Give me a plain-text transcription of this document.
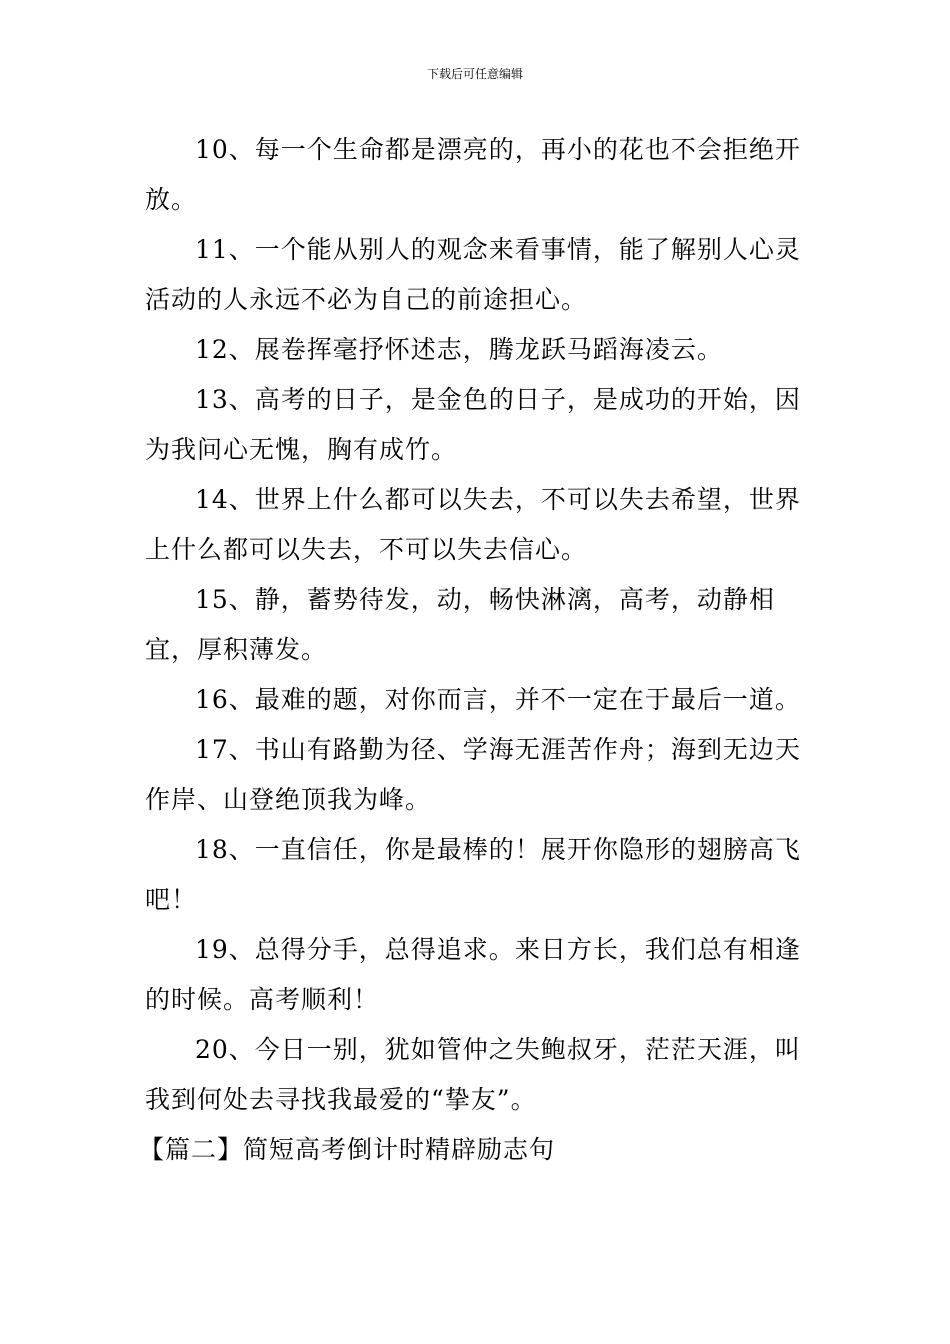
下载后可任意编辑

10、每一个生命都是漂亮的，再小的花也不会拒绝开放。

11、一个能从别人的观念来看事情，能了解别人心灵活动的人永远不必为自己的前途担心。

12、展卷挥毫抒怀述志，腾龙跃马蹈海凌云。

13、高考的日子，是金色的日子，是成功的开始，因为我问心无愧，胸有成竹。

14、世界上什么都可以失去，不可以失去希望，世界上什么都可以失去，不可以失去信心。

15、静，蓄势待发，动，畅快淋漓，高考，动静相宜，厚积薄发。

16、最难的题，对你而言，并不一定在于最后一道。

17、书山有路勤为径、学海无涯苦作舟；海到无边天作岸、山登绝顶我为峰。

18、一直信任，你是最棒的！展开你隐形的翅膀高飞吧！

19、总得分手，总得追求。来日方长，我们总有相逢的时候。高考顺利！

20、今日一别，犹如管仲之失鲍叔牙，茫茫天涯，叫我到何处去寻找我最爱的“挚友”。

【篇二】简短高考倒计时精辟励志句
